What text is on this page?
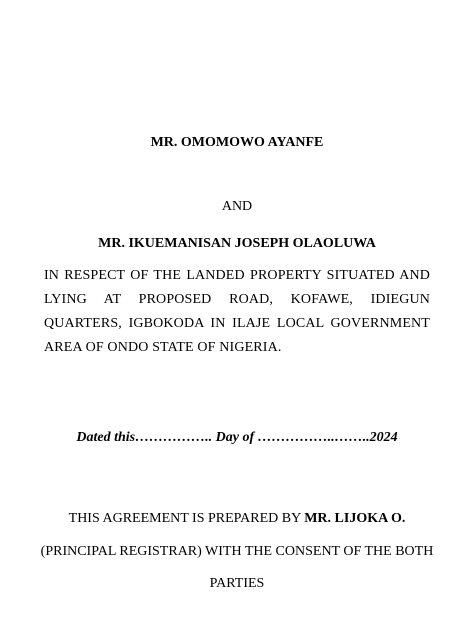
MR. OMOMOWO AYANFE
AND
MR. IKUEMANISAN JOSEPH OLAOLUWA
IN RESPECT OF THE LANDED PROPERTY SITUATED AND LYING AT PROPOSED ROAD, KOFAWE, IDIEGUN QUARTERS, IGBOKODA IN ILAJE LOCAL GOVERNMENT AREA OF ONDO STATE OF NIGERIA.
Dated this…………….. Day of ……………..……..2024
THIS AGREEMENT IS PREPARED BY MR. LIJOKA O.
(PRINCIPAL REGISTRAR) WITH THE CONSENT OF THE BOTH
PARTIES
